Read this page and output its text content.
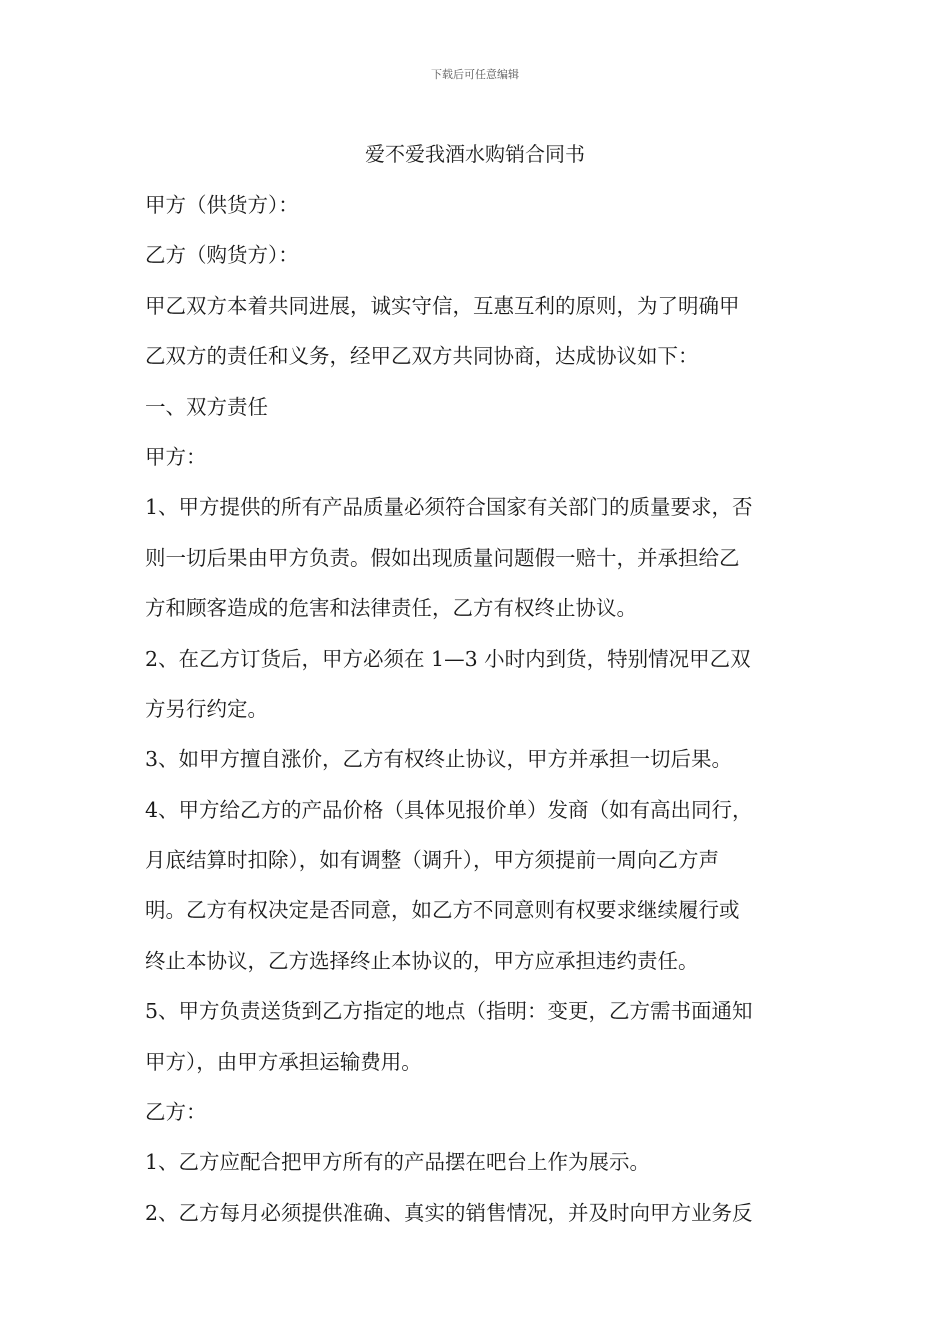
下载后可任意编辑
爱不爱我酒水购销合同书
甲方（供货方）：
乙方（购货方）：
甲乙双方本着共同进展，诚实守信，互惠互利的原则，为了明确甲
乙双方的责任和义务，经甲乙双方共同协商，达成协议如下：
一、双方责任
甲方：
1、甲方提供的所有产品质量必须符合国家有关部门的质量要求，否
则一切后果由甲方负责。假如出现质量问题假一赔十，并承担给乙
方和顾客造成的危害和法律责任，乙方有权终止协议。
2、在乙方订货后，甲方必须在 1—3 小时内到货，特别情况甲乙双
方另行约定。
3、如甲方擅自涨价，乙方有权终止协议，甲方并承担一切后果。
4、甲方给乙方的产品价格（具体见报价单）发商（如有高出同行，
月底结算时扣除），如有调整（调升），甲方须提前一周向乙方声
明。乙方有权决定是否同意，如乙方不同意则有权要求继续履行或
终止本协议，乙方选择终止本协议的，甲方应承担违约责任。
5、甲方负责送货到乙方指定的地点（指明：变更，乙方需书面通知
甲方），由甲方承担运输费用。
乙方：
1、乙方应配合把甲方所有的产品摆在吧台上作为展示。
2、乙方每月必须提供准确、真实的销售情况，并及时向甲方业务反
